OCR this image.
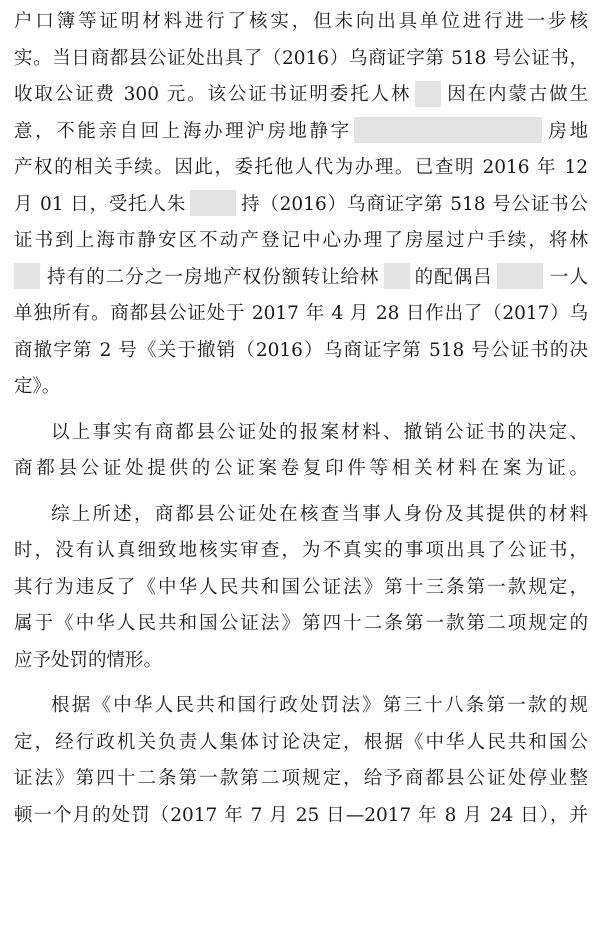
户口簿等证明材料进行了核实，但未向出具单位进行进一步核
实。当日商都县公证处出具了（2016）乌商证字第 518 号公证书，
收取公证费 300 元。该公证书证明委托人林 因在内蒙古做生
意，不能亲自回上海办理沪房地静字	房地
产权的相关手续。因此，委托他人代为办理。已查明 2016 年 12
月 01 日，受托人朱	持（2016）乌商证字第 518 号公证书公
证书到上海市静安区不动产登记中心办理了房屋过户手续，将林
持有的二分之一房地产权份额转让给林 的配偶吕	一人
单独所有。商都县公证处于 2017 年 4 月 28 日作出了（2017）乌
商撤字第 2 号《关于撤销（2016）乌商证字第 518 号公证书的决
定》。
以上事实有商都县公证处的报案材料、撤销公证书的决定、
商都县公证处提供的公证案卷复印件等相关材料在案为证。
综上所述，商都县公证处在核查当事人身份及其提供的材料
时，没有认真细致地核实审查，为不真实的事项出具了公证书，
其行为违反了《中华人民共和国公证法》第十三条第一款规定，
属于《中华人民共和国公证法》第四十二条第一款第二项规定的
应予处罚的情形。
根据《中华人民共和国行政处罚法》第三十八条第一款的规
定，经行政机关负责人集体讨论决定，根据《中华人民共和国公
证法》第四十二条第一款第二项规定，给予商都县公证处停业整
顿一个月的处罚（2017 年 7 月 25 日—2017 年 8 月 24 日），并
